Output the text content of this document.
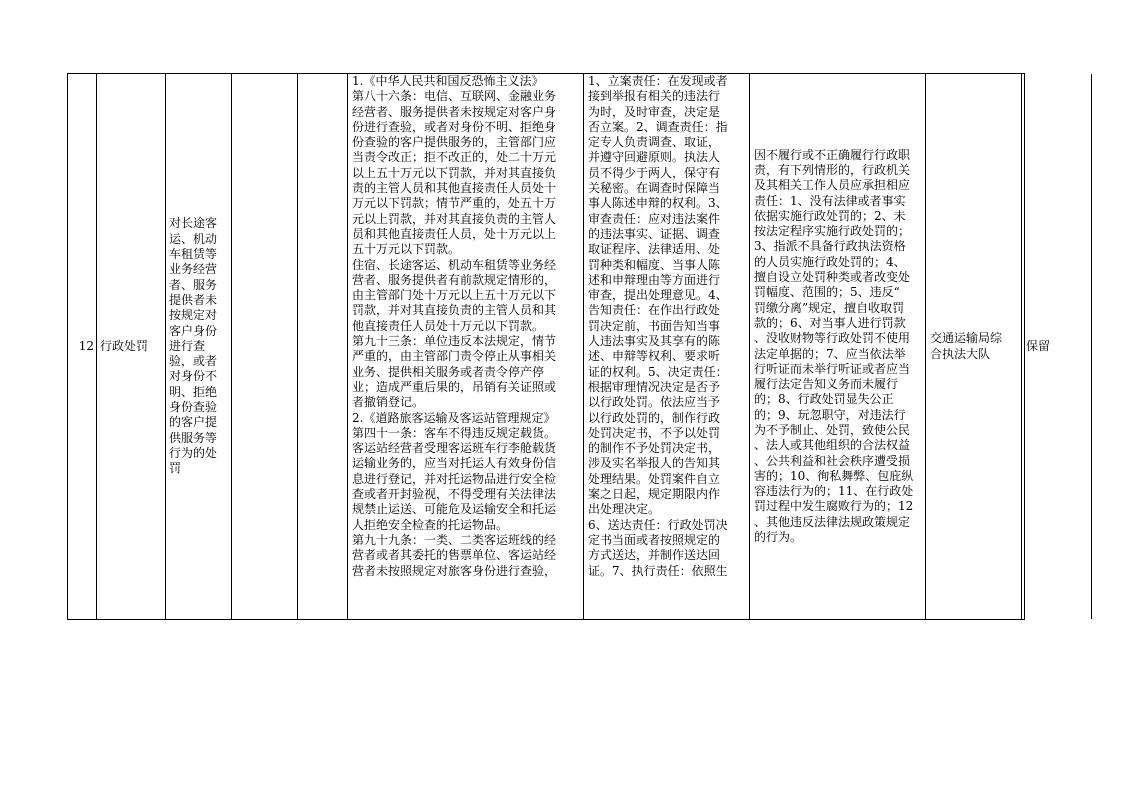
12 行政处罚
对长途客
运、机动
车租赁等
业务经营
者、服务
提供者未
按规定对
客户身份
进行查
验，或者
对身份不
明、拒绝
身份查验
的客户提
供服务等
行为的处
罚
1.《中华人民共和国反恐怖主义法》
第八十六条：电信、互联网、金融业务
经营者、服务提供者未按规定对客户身
份进行查验，或者对身份不明、拒绝身
份查验的客户提供服务的，主管部门应
当责令改正；拒不改正的，处二十万元
以上五十万元以下罚款，并对其直接负
责的主管人员和其他直接责任人员处十
万元以下罚款；情节严重的，处五十万
元以上罚款，并对其直接负责的主管人
员和其他直接责任人员，处十万元以上
五十万元以下罚款。
住宿、长途客运、机动车租赁等业务经
营者、服务提供者有前款规定情形的，
由主管部门处十万元以上五十万元以下
罚款，并对其直接负责的主管人员和其
他直接责任人员处十万元以下罚款。
第九十三条：单位违反本法规定，情节
严重的，由主管部门责令停止从事相关
业务、提供相关服务或者责令停产停
业；造成严重后果的，吊销有关证照或
者撤销登记。
2.《道路旅客运输及客运站管理规定》
第四十一条：客车不得违反规定载货。
客运站经营者受理客运班车行李舱载货
运输业务的，应当对托运人有效身份信
息进行登记，并对托运物品进行安全检
查或者开封验视，不得受理有关法律法
规禁止运送、可能危及运输安全和托运
人拒绝安全检查的托运物品。
第九十九条：一类、二类客运班线的经
营者或者其委托的售票单位、客运站经
营者未按照规定对旅客身份进行查验，
1、立案责任：在发现或者
接到举报有相关的违法行
为时，及时审查，决定是
否立案。2、调查责任：指
定专人负责调查、取证，
并遵守回避原则。执法人
员不得少于两人，保守有
关秘密。在调查时保障当
事人陈述申辩的权利。3、
审查责任：应对违法案件
的违法事实、证据、调查
取证程序、法律适用、处
罚种类和幅度、当事人陈
述和申辩理由等方面进行
审查，提出处理意见。4、
告知责任：在作出行政处
罚决定前，书面告知当事
人违法事实及其享有的陈
述、申辩等权利、要求听
证的权利。5、决定责任：
根据审理情况决定是否予
以行政处罚。依法应当予
以行政处罚的，制作行政
处罚决定书，不予以处罚
的制作不予处罚决定书，
涉及实名举报人的告知其
处理结果。处罚案件自立
案之日起，规定期限内作
出处理决定。
6、送达责任：行政处罚决
定书当面或者按照规定的
方式送达，并制作送达回
证。7、执行责任：依照生
因不履行或不正确履行行政职
责，有下列情形的，行政机关
及其相关工作人员应承担相应
责任：1、没有法律或者事实
依据实施行政处罚的；2、未
按法定程序实施行政处罚的；
3、指派不具备行政执法资格
的人员实施行政处罚的；4、
擅自设立处罚种类或者改变处
罚幅度、范围的；5、违反“
罚缴分离”规定，擅自收取罚
款的；6、对当事人进行罚款
、没收财物等行政处罚不使用
法定单据的；7、应当依法举
行听证而未举行听证或者应当
履行法定告知义务而未履行
的；8、行政处罚显失公正
的；9、玩忽职守，对违法行
为不予制止、处罚，致使公民
、法人或其他组织的合法权益
、公共利益和社会秩序遭受损
害的；10、徇私舞弊、包庇纵
容违法行为的；11、在行政处
罚过程中发生腐败行为的；12
、其他违反法律法规政策规定
的行为。
交通运输局综
合执法大队
保留
